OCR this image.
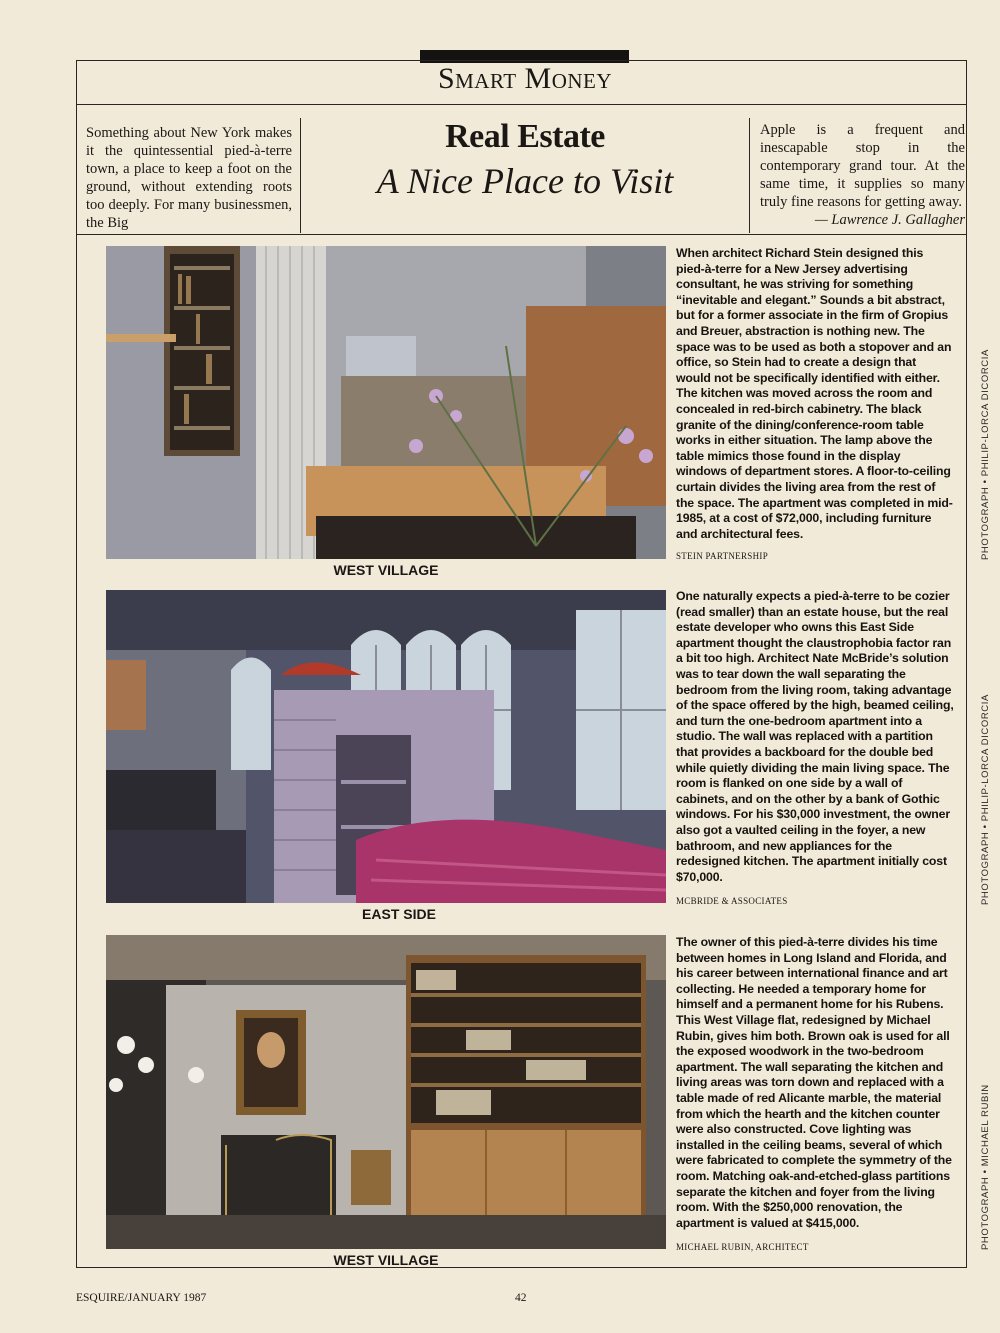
Smart Money
Something about New York makes it the quintessential pied-à-terre town, a place to keep a foot on the ground, without extending roots too deeply. For many businessmen, the Big
Real Estate
A Nice Place to Visit
Apple is a frequent and inescapable stop in the contemporary grand tour. At the same time, it supplies so many truly fine reasons for getting away.
— Lawrence J. Gallagher
WEST VILLAGE
When architect Richard Stein designed this pied-à-terre for a New Jersey advertising consultant, he was striving for something “inevitable and elegant.” Sounds a bit abstract, but for a former associate in the firm of Gropius and Breuer, abstraction is nothing new. The space was to be used as both a stopover and an office, so Stein had to create a design that would not be specifically identified with either. The kitchen was moved across the room and concealed in red-birch cabinetry. The black granite of the dining/conference-room table works in either situation. The lamp above the table mimics those found in the display windows of department stores. A floor-to-ceiling curtain divides the living area from the rest of the space. The apartment was completed in mid-1985, at a cost of $72,000, including furniture and architectural fees.
STEIN PARTNERSHIP
EAST SIDE
One naturally expects a pied-à-terre to be cozier (read smaller) than an estate house, but the real estate developer who owns this East Side apartment thought the claustrophobia factor ran a bit too high. Architect Nate McBride’s solution was to tear down the wall separating the bedroom from the living room, taking advantage of the space offered by the high, beamed ceiling, and turn the one-bedroom apartment into a studio. The wall was replaced with a partition that provides a backboard for the double bed while quietly dividing the main living space. The room is flanked on one side by a wall of cabinets, and on the other by a bank of Gothic windows. For his $30,000 investment, the owner also got a vaulted ceiling in the foyer, a new bathroom, and new appliances for the redesigned kitchen. The apartment initially cost $70,000.
MCBRIDE & ASSOCIATES
WEST VILLAGE
The owner of this pied-à-terre divides his time between homes in Long Island and Florida, and his career between international finance and art collecting. He needed a temporary home for himself and a permanent home for his Rubens. This West Village flat, redesigned by Michael Rubin, gives him both. Brown oak is used for all the exposed woodwork in the two-bedroom apartment. The wall separating the kitchen and living areas was torn down and replaced with a table made of red Alicante marble, the material from which the hearth and the kitchen counter were also constructed. Cove lighting was installed in the ceiling beams, several of which were fabricated to complete the symmetry of the room. Matching oak-and-etched-glass partitions separate the kitchen and foyer from the living room. With the $250,000 renovation, the apartment is valued at $415,000.
MICHAEL RUBIN, ARCHITECT
PHOTOGRAPH • PHILIP-LORCA DICORCIA
PHOTOGRAPH • PHILIP-LORCA DICORCIA
PHOTOGRAPH • MICHAEL RUBIN
ESQUIRE/JANUARY 1987	42
